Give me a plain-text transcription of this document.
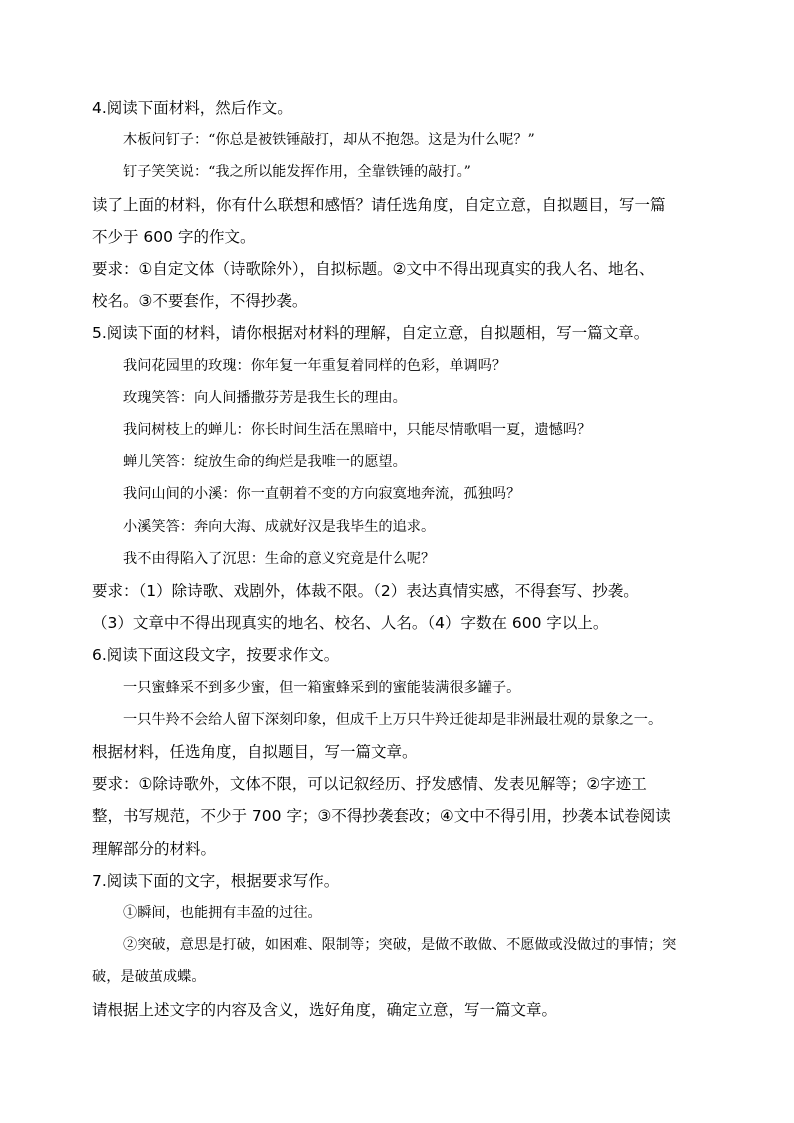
4.阅读下面材料，然后作文。
木板问钉子：“你总是被铁锤敲打，却从不抱怨。这是为什么呢？”
钉子笑笑说：“我之所以能发挥作用，全靠铁锤的敲打。”
读了上面的材料，你有什么联想和感悟？请任选角度，自定立意，自拟题目，写一篇
不少于 600 字的作文。
要求：①自定文体（诗歌除外），自拟标题。②文中不得出现真实的我人名、地名、
校名。③不要套作，不得抄袭。
5.阅读下面的材料，请你根据对材料的理解，自定立意，自拟题相，写一篇文章。
我问花园里的玫瑰：你年复一年重复着同样的色彩，单调吗？
玫瑰笑答：向人间播撒芬芳是我生长的理由。
我问树枝上的蝉儿：你长时间生活在黑暗中，只能尽情歌唱一夏，遗憾吗？
蝉儿笑答：绽放生命的绚烂是我唯一的愿望。
我问山间的小溪：你一直朝着不变的方向寂寞地奔流，孤独吗？
小溪笑答：奔向大海、成就好汉是我毕生的追求。
我不由得陷入了沉思：生命的意义究竟是什么呢？
要求：（1）除诗歌、戏剧外，体裁不限。（2）表达真情实感，不得套写、抄袭。
（3）文章中不得出现真实的地名、校名、人名。（4）字数在 600 字以上。
6.阅读下面这段文字，按要求作文。
一只蜜蜂采不到多少蜜，但一箱蜜蜂采到的蜜能装满很多罐子。
一只牛羚不会给人留下深刻印象，但成千上万只牛羚迁徙却是非洲最壮观的景象之一。
根据材料，任选角度，自拟题目，写一篇文章。
要求：①除诗歌外，文体不限，可以记叙经历、抒发感情、发表见解等；②字迹工
整，书写规范，不少于 700 字；③不得抄袭套改；④文中不得引用，抄袭本试卷阅读
理解部分的材料。
7.阅读下面的文字，根据要求写作。
①瞬间，也能拥有丰盈的过往。
②突破，意思是打破，如困难、限制等；突破，是做不敢做、不愿做或没做过的事情；突破，是破茧成蝶。
请根据上述文字的内容及含义，选好角度，确定立意，写一篇文章。
